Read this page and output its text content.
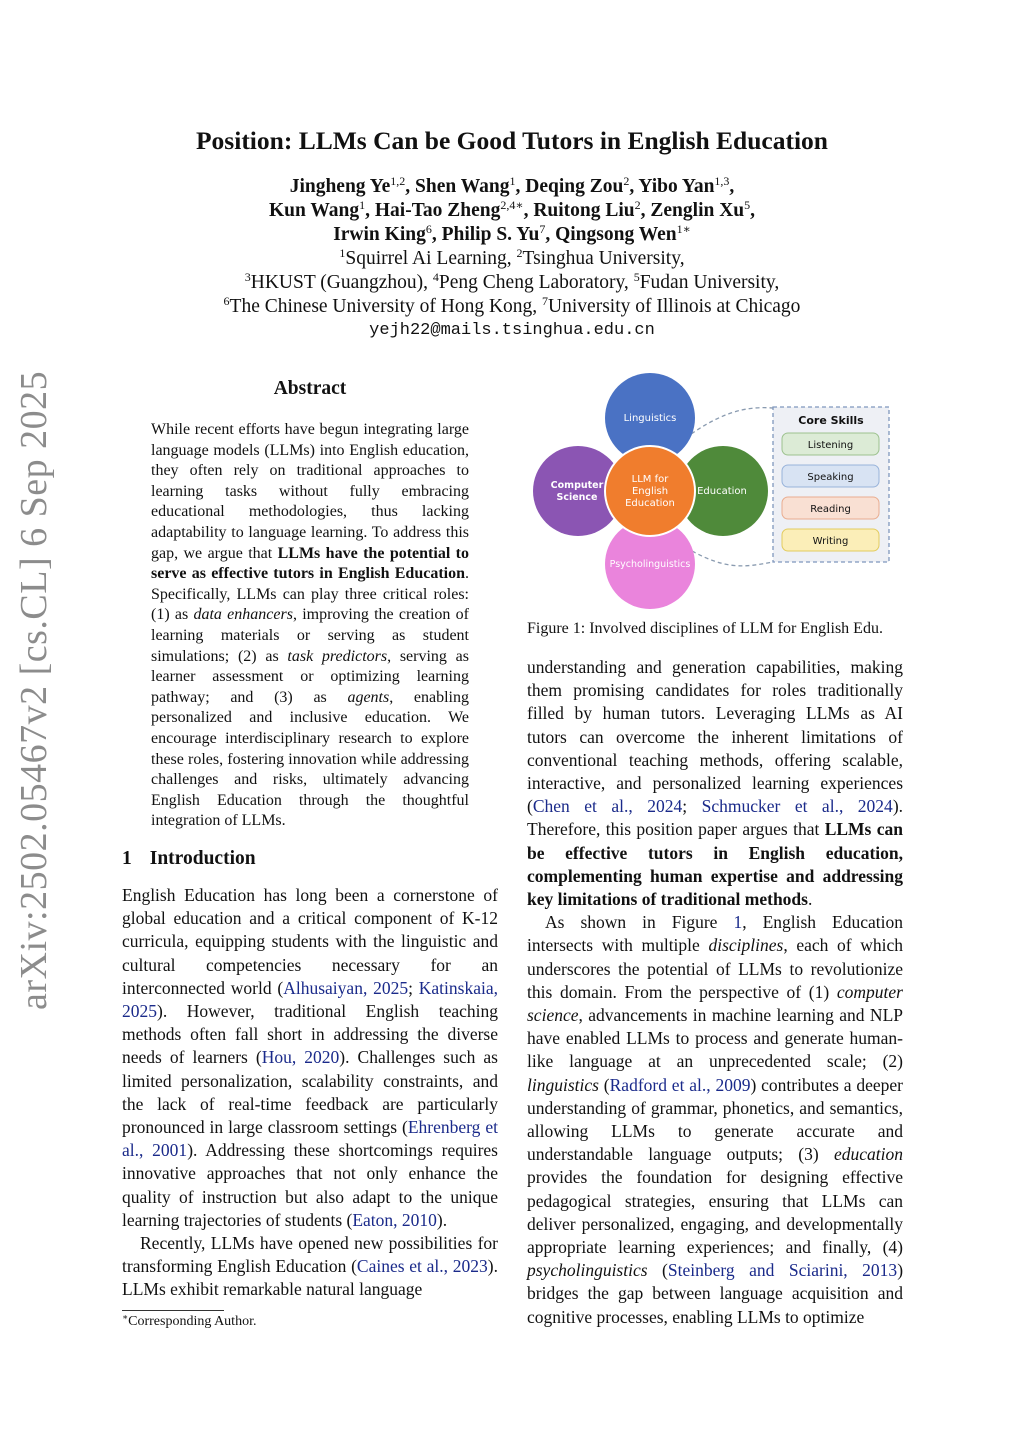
arXiv:2502.05467v2 [cs.CL] 6 Sep 2025
Position: LLMs Can be Good Tutors in English Education
Jingheng Ye$^{1,2}$, Shen Wang$^1$, Deqing Zou$^2$, Yibo Yan$^{1,3}$,
Kun Wang$^1$, Hai-Tao Zheng$^{2,4∗}$, Ruitong Liu$^2$, Zenglin Xu$^5$,
Irwin King$^6$, Philip S. Yu$^7$, Qingsong Wen$^{1∗}$
$^1$Squirrel Ai Learning, $^2$Tsinghua University,
$^3$HKUST (Guangzhou), $^4$Peng Cheng Laboratory, $^5$Fudan University,
$^6$The Chinese University of Hong Kong, $^7$University of Illinois at Chicago
yejh22@mails.tsinghua.edu.cn
Abstract
While recent efforts have begun integrating large language models (LLMs) into English education, they often rely on traditional approaches to learning tasks without fully embracing educational methodologies, thus lacking adaptability to language learning. To address this gap, we argue that LLMs have the potential to serve as effective tutors in English Education. Specifically, LLMs can play three critical roles: (1) as data enhancers, improving the creation of learning materials or serving as student simulations; (2) as task predictors, serving as learner assessment or optimizing learning pathway; and (3) as agents, enabling personalized and inclusive education. We encourage interdisciplinary research to explore these roles, fostering innovation while addressing challenges and risks, ultimately advancing English Education through the thoughtful integration of LLMs.
1 Introduction

English Education has long been a cornerstone of global education and a critical component of K-12 curricula, equipping students with the linguistic and cultural competencies necessary for an interconnected world (Alhusaiyan, 2025; Katinskaia, 2025). However, traditional English teaching methods often fall short in addressing the diverse needs of learners (Hou, 2020). Challenges such as limited personalization, scalability constraints, and the lack of real-time feedback are particularly pronounced in large classroom settings (Ehrenberg et al., 2001). Addressing these shortcomings requires innovative approaches that not only enhance the quality of instruction but also adapt to the unique learning trajectories of students (Eaton, 2010).

Recently, LLMs have opened new possibilities for transforming English Education (Caines et al., 2023). LLMs exhibit remarkable natural language

∗Corresponding Author.
Linguistics
Computer
Science
Education
Psycholinguistics
LLM for
English
Education
Core Skills
Listening
Speaking
Reading
Writing
Figure 1: Involved disciplines of LLM for English Edu.

understanding and generation capabilities, making them promising candidates for roles traditionally filled by human tutors. Leveraging LLMs as AI tutors can overcome the inherent limitations of conventional teaching methods, offering scalable, interactive, and personalized learning experiences (Chen et al., 2024; Schmucker et al., 2024). Therefore, this position paper argues that LLMs can be effective tutors in English education, complementing human expertise and addressing key limitations of traditional methods.

As shown in Figure 1, English Education intersects with multiple disciplines, each of which underscores the potential of LLMs to revolutionize this domain. From the perspective of (1) computer science, advancements in machine learning and NLP have enabled LLMs to process and generate human-like language at an unprecedented scale; (2) linguistics (Radford et al., 2009) contributes a deeper understanding of grammar, phonetics, and semantics, allowing LLMs to generate accurate and understandable language outputs; (3) education provides the foundation for designing effective pedagogical strategies, ensuring that LLMs can deliver personalized, engaging, and developmentally appropriate learning experiences; and finally, (4) psycholinguistics (Steinberg and Sciarini, 2013) bridges the gap between language acquisition and cognitive processes, enabling LLMs to optimize
